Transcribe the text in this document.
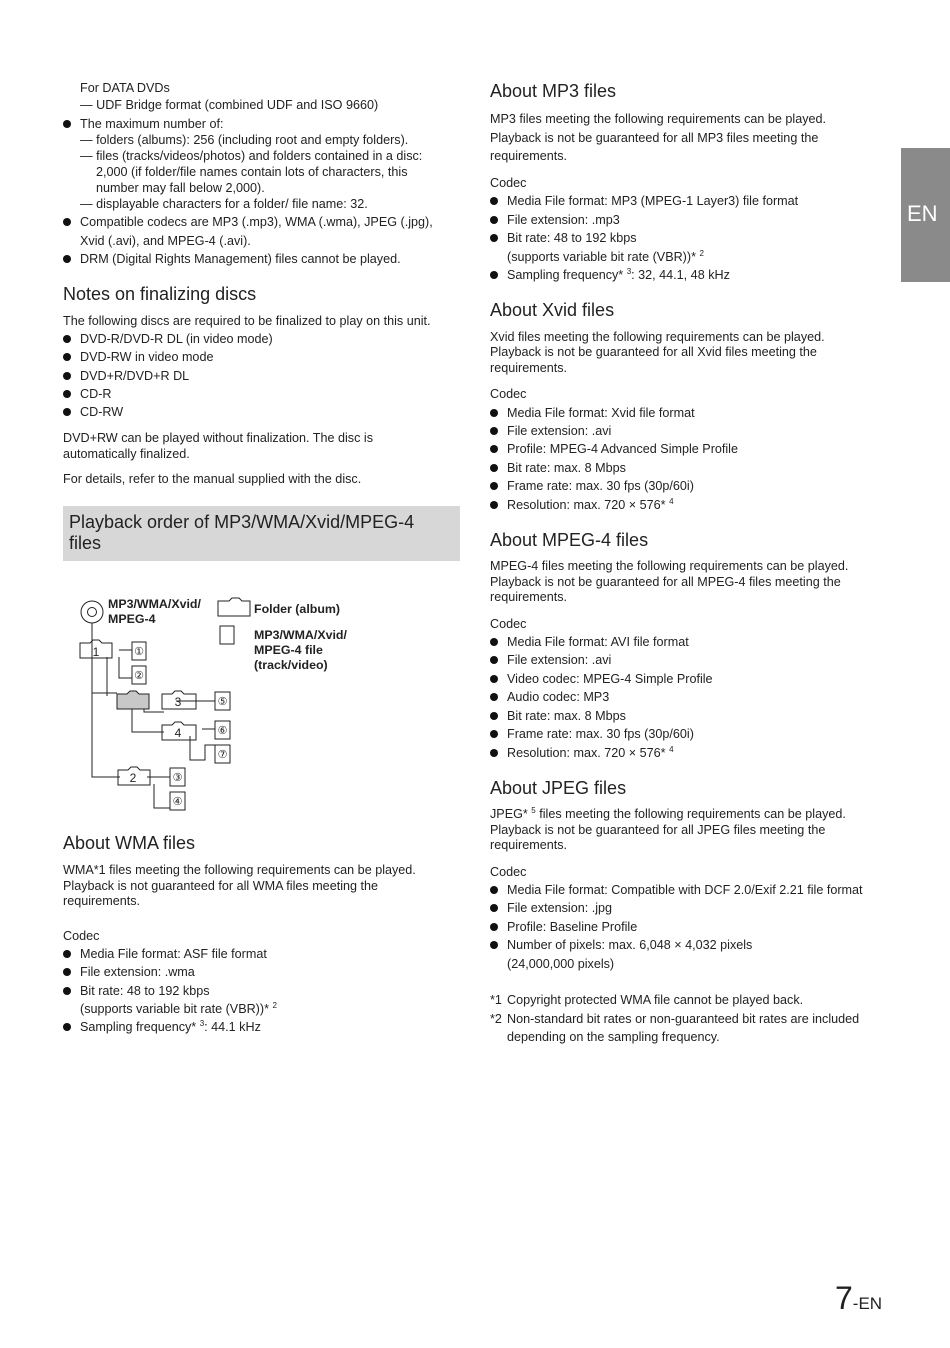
EN
For DATA DVDs
— UDF Bridge format (combined UDF and ISO 9660)
The maximum number of:
— folders (albums): 256 (including root and empty folders).
— files (tracks/videos/photos) and folders contained in a disc:
2,000 (if folder/file names contain lots of characters, this
number may fall below 2,000).
— displayable characters for a folder/ file name: 32.
Compatible codecs are MP3 (.mp3), WMA (.wma), JPEG (.jpg),
Xvid (.avi), and MPEG-4 (.avi).
DRM (Digital Rights Management) files cannot be played.
Notes on finalizing discs
The following discs are required to be finalized to play on this unit.
DVD-R/DVD-R DL (in video mode)
DVD-RW in video mode
DVD+R/DVD+R DL
CD-R
CD-RW
DVD+RW can be played without finalization. The disc is
automatically finalized.
For details, refer to the manual supplied with the disc.
Playback order of MP3/WMA/Xvid/MPEG-4 files
1
3
4
2
①
②
⑤
⑥
⑦
③
④
MP3/WMA/Xvid/
MPEG-4
Folder (album)
MP3/WMA/Xvid/
MPEG-4 file
(track/video)
About WMA files
WMA*1 files meeting the following requirements can be played.
Playback is not guaranteed for all WMA files meeting the
requirements.
Codec
Media File format: ASF file format
File extension: .wma
Bit rate: 48 to 192 kbps
(supports variable bit rate (VBR))* $^2$
Sampling frequency* $^3$: 44.1 kHz
About MP3 files
MP3 files meeting the following requirements can be played.
Playback is not be guaranteed for all MP3 files meeting the
requirements.
Codec
Media File format: MP3 (MPEG-1 Layer3) file format
File extension: .mp3
Bit rate: 48 to 192 kbps
(supports variable bit rate (VBR))* $^2$
Sampling frequency* $^3$: 32, 44.1, 48 kHz
About Xvid files
Xvid files meeting the following requirements can be played.
Playback is not be guaranteed for all Xvid files meeting the
requirements.
Codec
Media File format: Xvid file format
File extension: .avi
Profile: MPEG-4 Advanced Simple Profile
Bit rate: max. 8 Mbps
Frame rate: max. 30 fps (30p/60i)
Resolution: max. 720 × 576* $^4$
About MPEG-4 files
MPEG-4 files meeting the following requirements can be played.
Playback is not be guaranteed for all MPEG-4 files meeting the
requirements.
Codec
Media File format: AVI file format
File extension: .avi
Video codec: MPEG-4 Simple Profile
Audio codec: MP3
Bit rate: max. 8 Mbps
Frame rate: max. 30 fps (30p/60i)
Resolution: max. 720 × 576* $^4$
About JPEG files
JPEG* $^5$ files meeting the following requirements can be played.
Playback is not be guaranteed for all JPEG files meeting the
requirements.
Codec
Media File format: Compatible with DCF 2.0/Exif 2.21 file format
File extension: .jpg
Profile: Baseline Profile
Number of pixels: max. 6,048 × 4,032 pixels
(24,000,000 pixels)
*1 Copyright protected WMA file cannot be played back.
*2 Non-standard bit rates or non-guaranteed bit rates are included
depending on the sampling frequency.
7-EN
